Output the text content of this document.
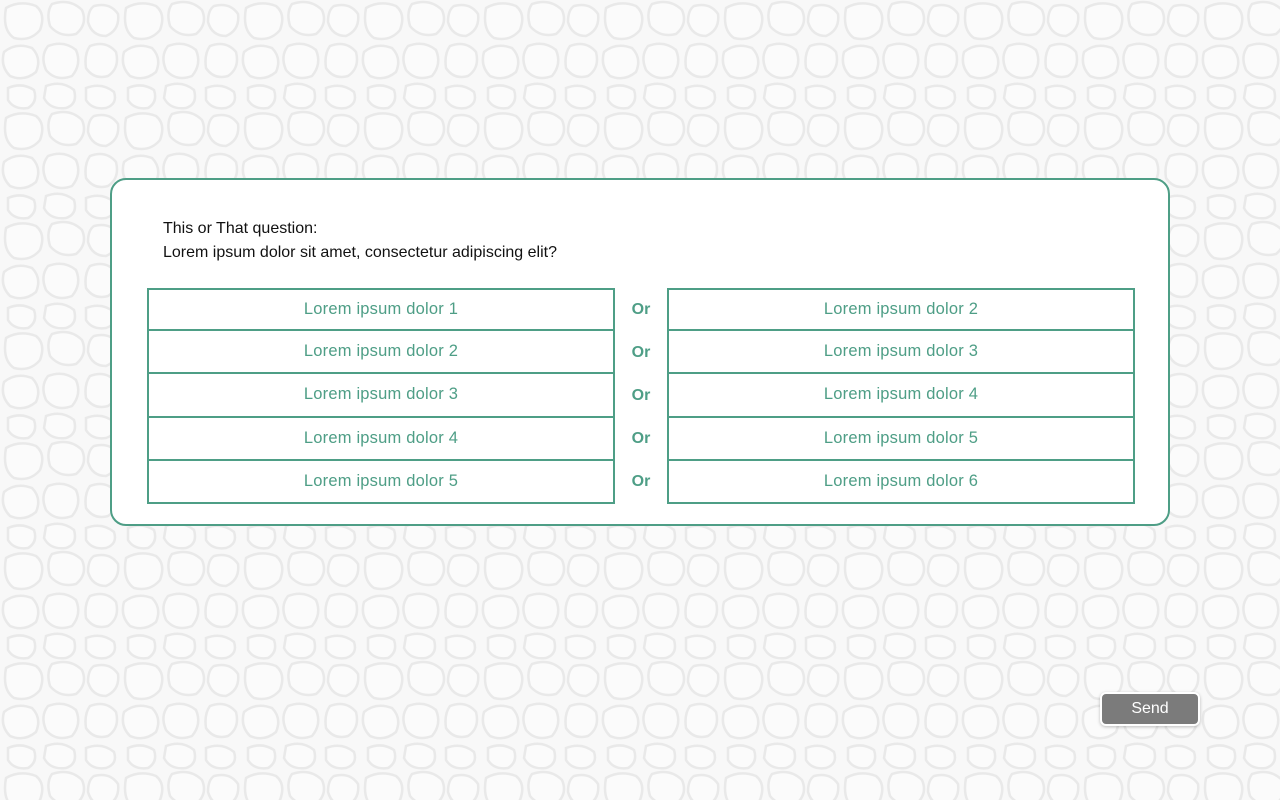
This or That question:
Lorem ipsum dolor sit amet, consectetur adipiscing elit?
Lorem ipsum dolor 1	Or	Lorem ipsum dolor 2
Lorem ipsum dolor 2	Or	Lorem ipsum dolor 3
Lorem ipsum dolor 3	Or	Lorem ipsum dolor 4
Lorem ipsum dolor 4	Or	Lorem ipsum dolor 5
Lorem ipsum dolor 5	Or	Lorem ipsum dolor 6
Send
